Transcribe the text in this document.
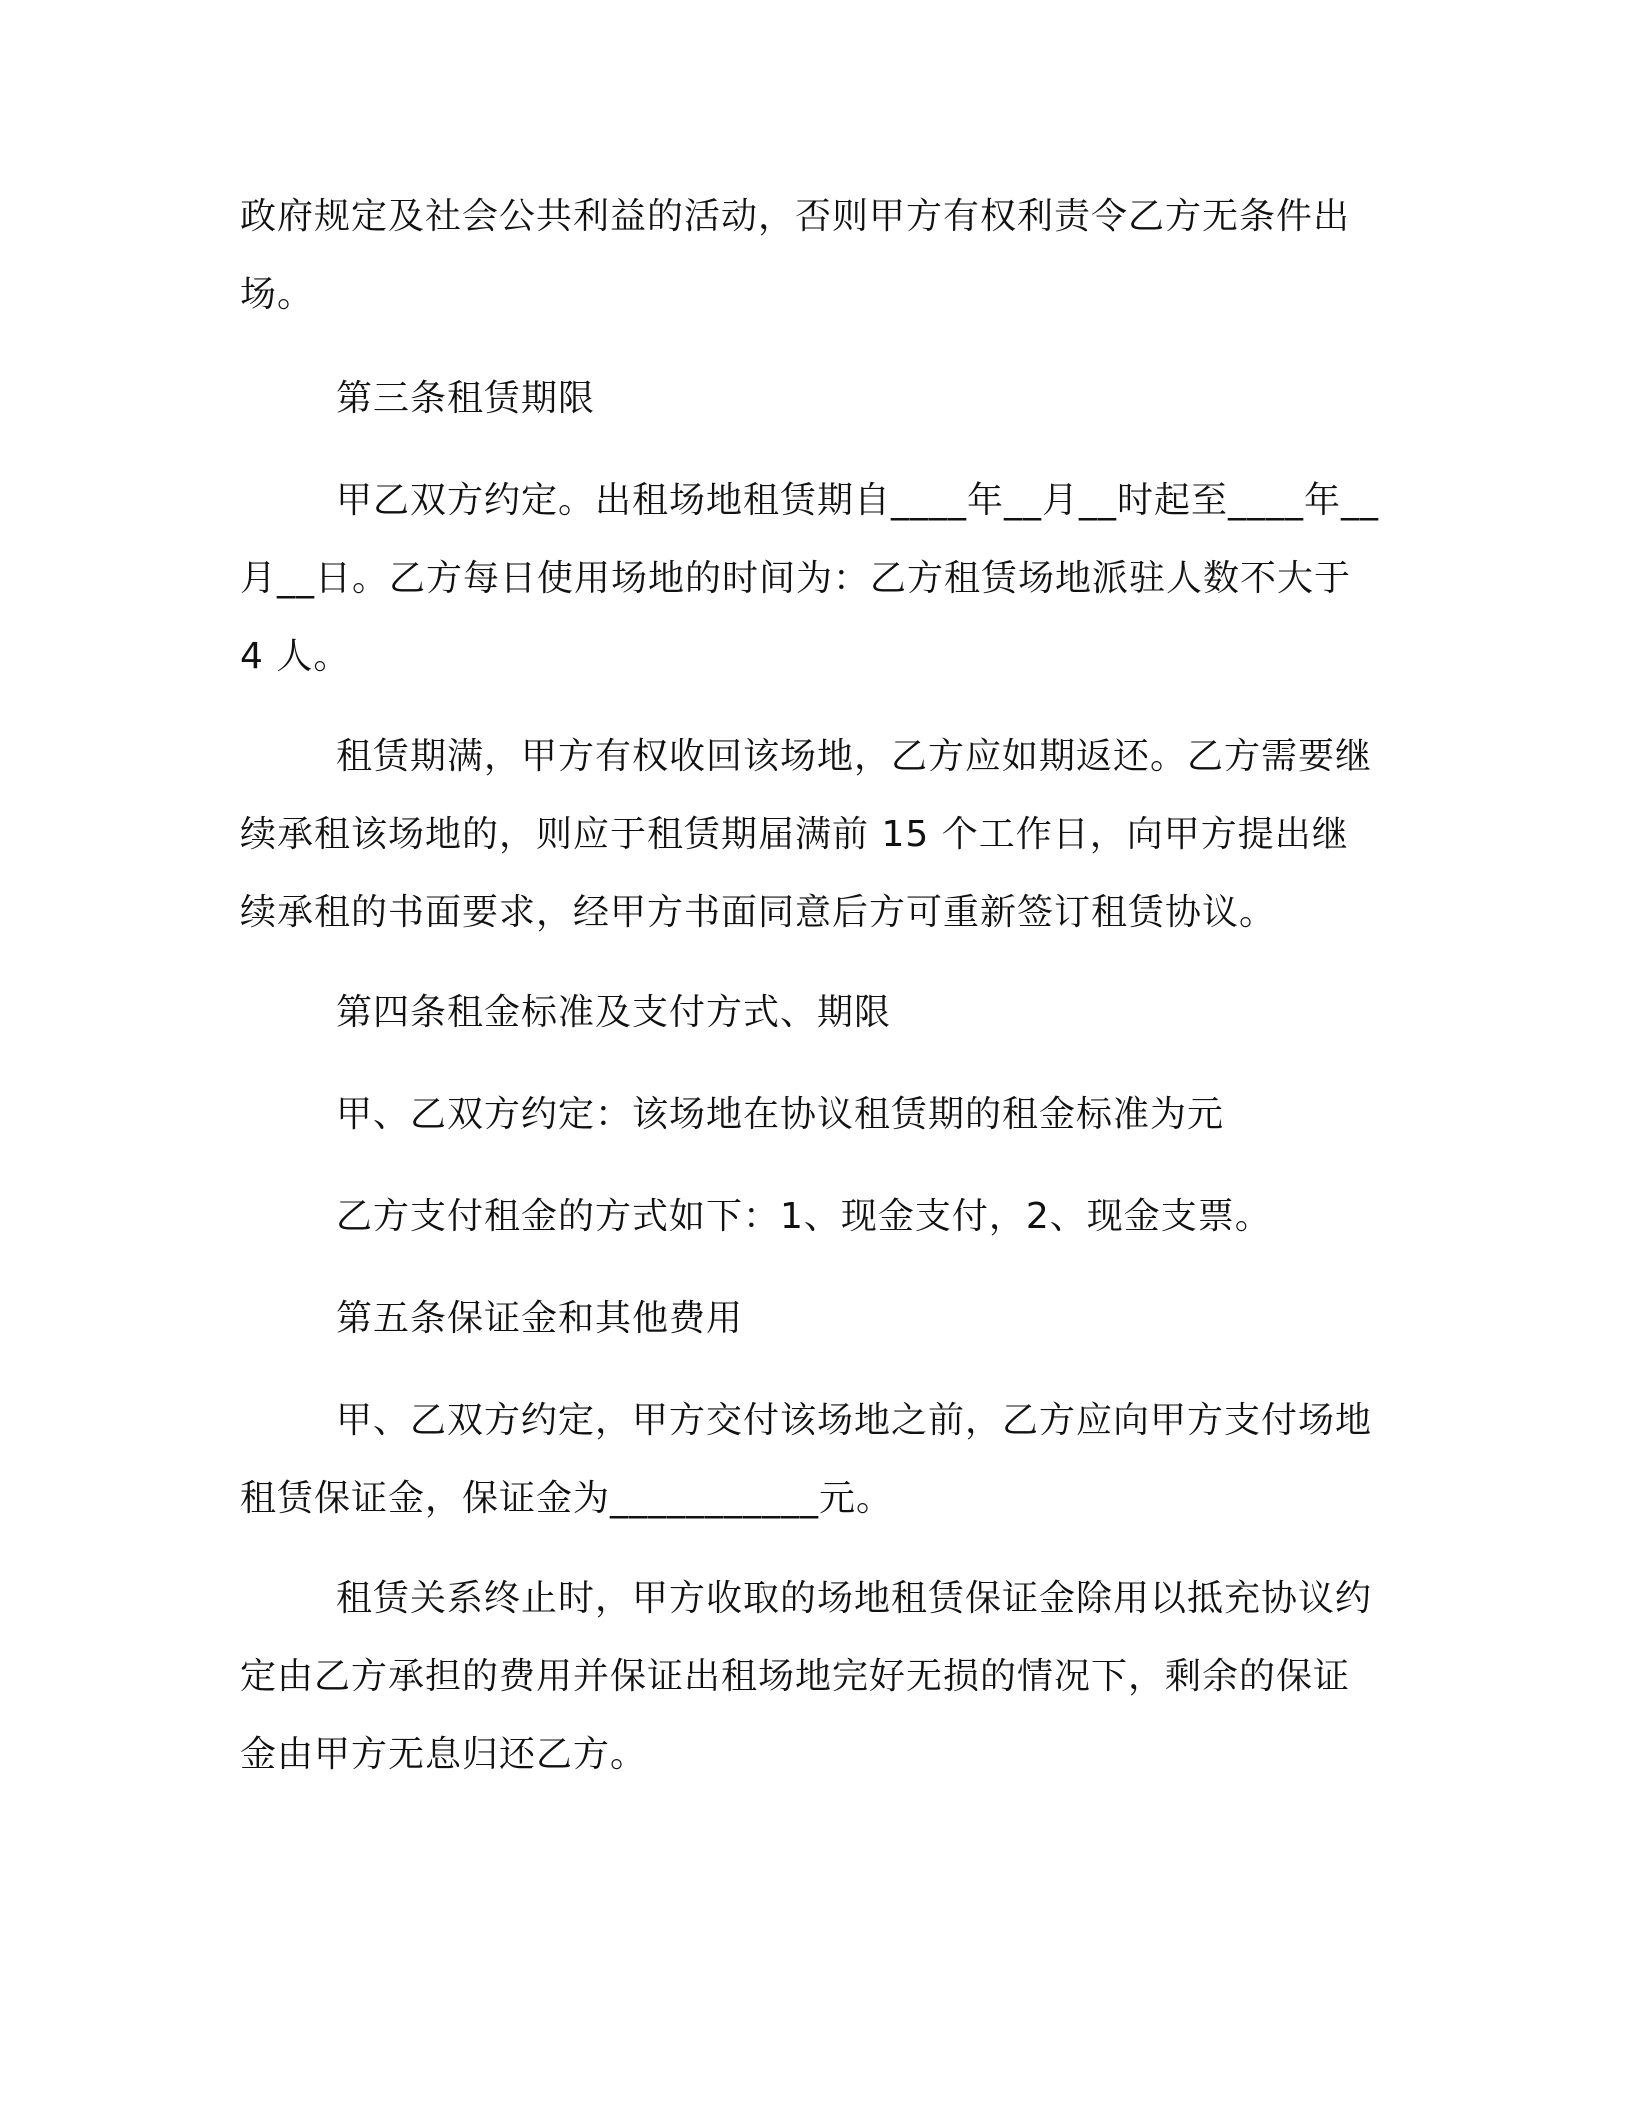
政府规定及社会公共利益的活动，否则甲方有权利责令乙方无条件出场。

第三条租赁期限

甲乙双方约定。出租场地租赁期自____年__月__时起至____年__月__日。乙方每日使用场地的时间为：乙方租赁场地派驻人数不大于 4 人。

租赁期满，甲方有权收回该场地，乙方应如期返还。乙方需要继续承租该场地的，则应于租赁期届满前 15 个工作日，向甲方提出继续承租的书面要求，经甲方书面同意后方可重新签订租赁协议。

第四条租金标准及支付方式、期限

甲、乙双方约定：该场地在协议租赁期的租金标准为元

乙方支付租金的方式如下：1、现金支付，2、现金支票。

第五条保证金和其他费用

甲、乙双方约定，甲方交付该场地之前，乙方应向甲方支付场地租赁保证金，保证金为___________元。

租赁关系终止时，甲方收取的场地租赁保证金除用以抵充协议约定由乙方承担的费用并保证出租场地完好无损的情况下，剩余的保证金由甲方无息归还乙方。
